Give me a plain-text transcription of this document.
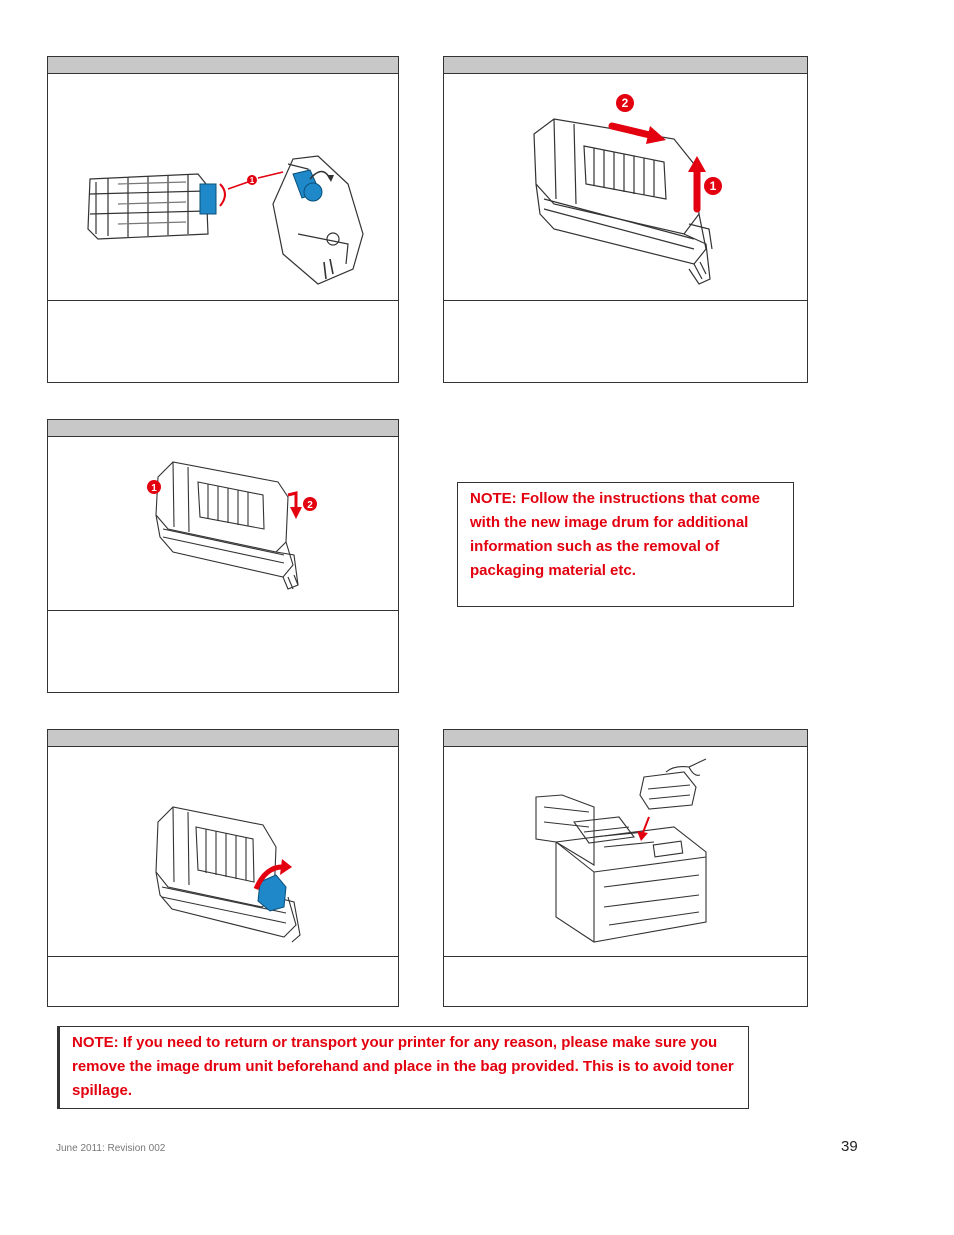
1
2
1
1
2	NOTE: Follow the instructions that come with the new image drum for additional information such as the removal of packaging material etc.
NOTE: If you need to return or transport your printer for any reason, please make sure you remove the image drum unit beforehand and place in the bag provided. This is to avoid toner spillage.
June 2011: Revision 002	39
